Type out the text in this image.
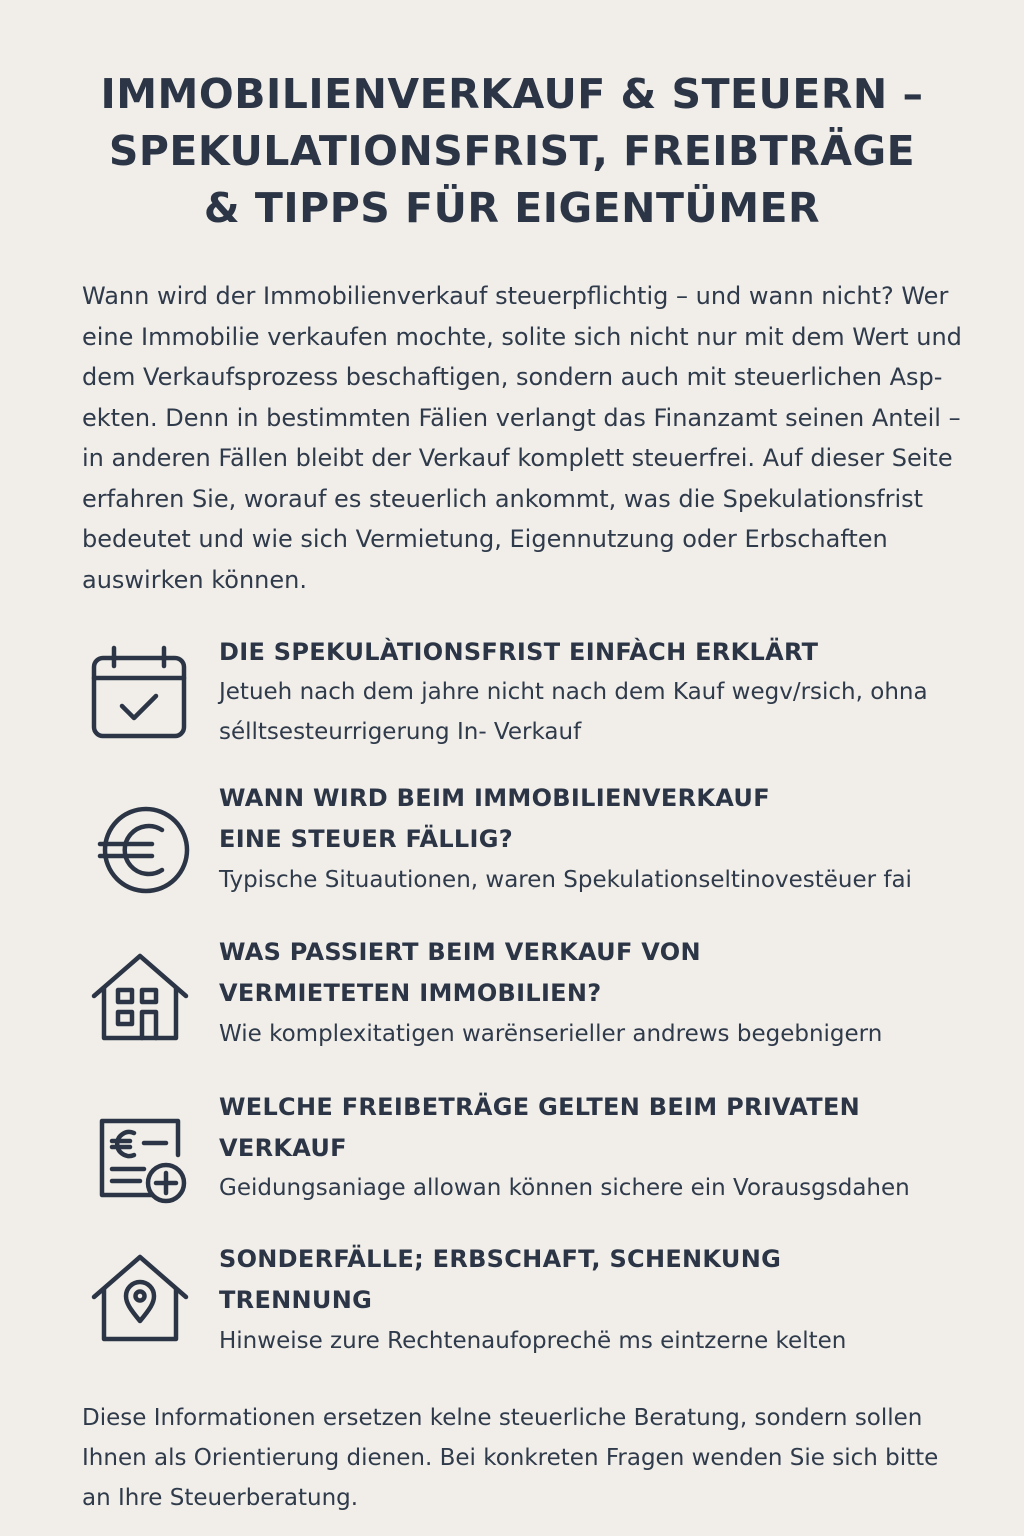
IMMOBILIENVERKAUF & STEUERN –
SPEKULATIONSFRIST, FREIBTRÄGE
& TIPPS FÜR EIGENTÜMER
Wann wird der Immobilienverkauf steuerpflichtig – und wann nicht? Wer
eine Immobilie verkaufen mochte, solite sich nicht nur mit dem Wert und
dem Verkaufsprozess beschaftigen, sondern auch mit steuerlichen Asp-
ekten. Denn in bestimmten Fälien verlangt das Finanzamt seinen Anteil –
in anderen Fällen bleibt der Verkauf komplett steuerfrei. Auf dieser Seite
erfahren Sie, worauf es steuerlich ankommt, was die Spekulationsfrist
bedeutet und wie sich Vermietung, Eigennutzung oder Erbschaften
auswirken können.
DIE SPEKULÀTIONSFRIST EINFÀCH ERKLÄRT
Jetueh nach dem jahre nicht nach dem Kauf wegv/rsich, ohna
sélltsesteurrigerung In- Verkauf
WANN WIRD BEIM IMMOBILIENVERKAUF
EINE STEUER FÄLLIG?
Typische Situautionen, waren Spekulationseltinovestëuer fai
WAS PASSIERT BEIM VERKAUF VON
VERMIETETEN IMMOBILIEN?
Wie komplexitatigen warënserieller andrews begebnigern
WELCHE FREIBETRÄGE GELTEN BEIM PRIVATEN
VERKAUF
Geidungsaniage allowan können sichere ein Vorausgsdahen
SONDERFÄLLE; ERBSCHAFT, SCHENKUNG
TRENNUNG
Hinweise zure Rechtenaufoprechë ms eintzerne kelten
Diese Informationen ersetzen kelne steuerliche Beratung, sondern sollen
Ihnen als Orientierung dienen. Bei konkreten Fragen wenden Sie sich bitte
an Ihre Steuerberatung.
